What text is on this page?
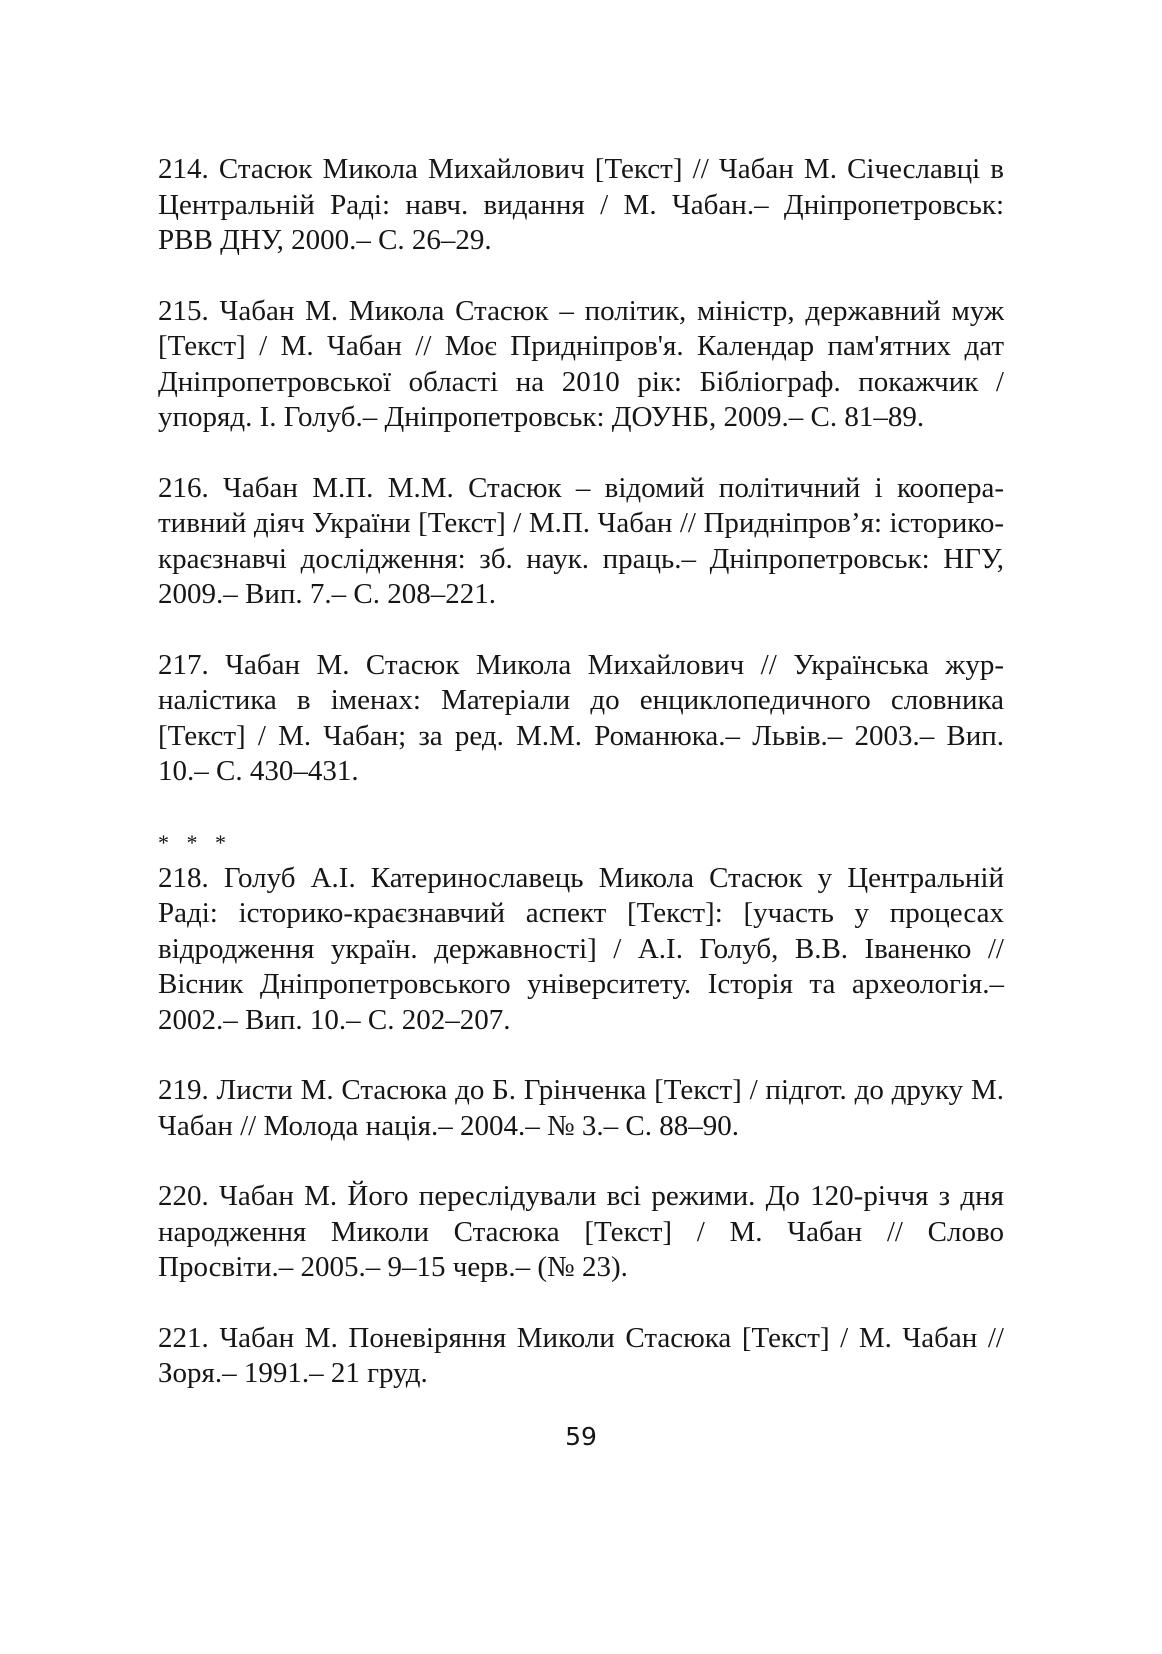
214. Стасюк Микола Михайлович [Текст] // Чабан М. Січеславці в Центральній Раді: навч. видання / М. Чабан.– Дніпропетровськ: РВВ ДНУ, 2000.– С. 26–29.

215. Чабан М. Микола Стасюк – політик, міністр, державний муж [Текст] / М. Чабан // Моє Придніпров'я. Календар пам'ятних дат Дніпропетровської області на 2010 рік: Бібліограф. покажчик / упоряд. І. Голуб.– Дніпропетровськ: ДОУНБ, 2009.– С. 81–89.

216. Чабан М.П. М.М. Стасюк – відомий політичний і кооперативний діяч України [Текст] / М.П. Чабан // Придніпров’я: історико-краєзнавчі дослідження: зб. наук. праць.– Дніпропетровськ: НГУ, 2009.– Вип. 7.– С. 208–221.

217. Чабан М. Стасюк Микола Михайлович // Українська журналістика в іменах: Матеріали до енциклопедичного словника [Текст] / М. Чабан; за ред. М.М. Романюка.– Львів.– 2003.– Вип. 10.– С. 430–431.

* * *

218. Голуб А.І. Катеринославець Микола Стасюк у Центральній Раді: історико-краєзнавчий аспект [Текст]: [участь у процесах відродження україн. державності] / А.І. Голуб, В.В. Іваненко // Вісник Дніпропетровського університету. Історія та археологія.– 2002.– Вип. 10.– С. 202–207.

219. Листи М. Стасюка до Б. Грінченка [Текст] / підгот. до друку М. Чабан // Молода нація.– 2004.– № 3.– С. 88–90.

220. Чабан М. Його переслідували всі режими. До 120-річчя з дня народження Миколи Стасюка [Текст] / М. Чабан // Слово Просвіти.– 2005.– 9–15 черв.– (№ 23).

221. Чабан М. Поневіряння Миколи Стасюка [Текст] / М. Чабан // Зоря.– 1991.– 21 груд.

59
